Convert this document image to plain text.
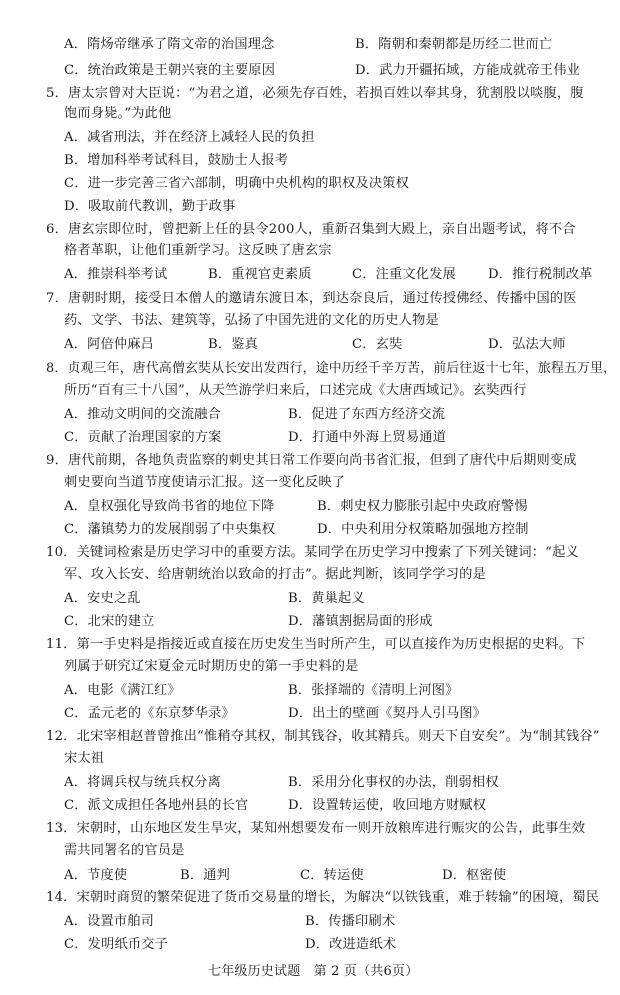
A．隋炀帝继承了隋文帝的治国理念	B．隋朝和秦朝都是历经二世而亡
C．统治政策是王朝兴衰的主要原因	D．武力开疆拓域，方能成就帝王伟业
5．唐太宗曾对大臣说：“为君之道，必须先存百姓，若损百姓以奉其身，犹割股以啖腹，腹
饱而身毙。”为此他
A．减省刑法，并在经济上减轻人民的负担
B．增加科举考试科目，鼓励士人报考
C．进一步完善三省六部制，明确中央机构的职权及决策权
D．吸取前代教训，勤于政事
6．唐玄宗即位时，曾把新上任的县令200人，重新召集到大殿上，亲自出题考试，将不合
格者革职，让他们重新学习。这反映了唐玄宗
A．推崇科举考试	B．重视官吏素质	C．注重文化发展 D．推行税制改革
7．唐朝时期，接受日本僧人的邀请东渡日本，到达奈良后，通过传授佛经、传播中国的医
药、文学、书法、建筑等，弘扬了中国先进的文化的历史人物是
A．阿倍仲麻吕	B．鉴真	C．玄奘	D．弘法大师
8．贞观三年，唐代高僧玄奘从长安出发西行，途中历经千辛万苦，前后往返十七年，旅程五万里，
所历“百有三十八国”，从天竺游学归来后，口述完成《大唐西域记》。玄奘西行
A．推动文明间的交流融合	B．促进了东西方经济交流
C．贡献了治理国家的方案	D．打通中外海上贸易通道
9．唐代前期，各地负责监察的刺史其日常工作要向尚书省汇报，但到了唐代中后期则变成
刺史要向当道节度使请示汇报。这一变化反映了
A．皇权强化导致尚书省的地位下降	B．刺史权力膨胀引起中央政府警惕
C．藩镇势力的发展削弱了中央集权	D．中央利用分权策略加强地方控制
10．关键词检索是历史学习中的重要方法。某同学在历史学习中搜索了下列关键词：“起义
军、攻入长安、给唐朝统治以致命的打击”。据此判断，该同学学习的是
A．安史之乱	B．黄巢起义
C．北宋的建立	D．藩镇割据局面的形成
11．第一手史料是指接近或直接在历史发生当时所产生，可以直接作为历史根据的史料。下
列属于研究辽宋夏金元时期历史的第一手史料的是
A．电影《满江红》	B．张择端的《清明上河图》
C．孟元老的《东京梦华录》	D．出土的壁画《契丹人引马图》
12．北宋宰相赵普曾推出“惟稍夺其权，制其钱谷，收其精兵。则天下自安矣”。为“制其钱谷”
宋太祖
A．将调兵权与统兵权分离	B．采用分化事权的办法，削弱相权
C．派文成担任各地州县的长官	D．设置转运使，收回地方财赋权
13．宋朝时，山东地区发生旱灾，某知州想要发布一则开放粮库进行赈灾的公告，此事生效
需共同署名的官员是
A．节度使	B．通判	C．转运使	D．枢密使
14．宋朝时商贸的繁荣促进了货币交易量的增长，为解决“以铁钱重，难于转输”的困境，蜀民
A．设置市舶司	B．传播印刷术
C．发明纸币交子	D．改进造纸术
七年级历史试题　第 2 页（共6页）
